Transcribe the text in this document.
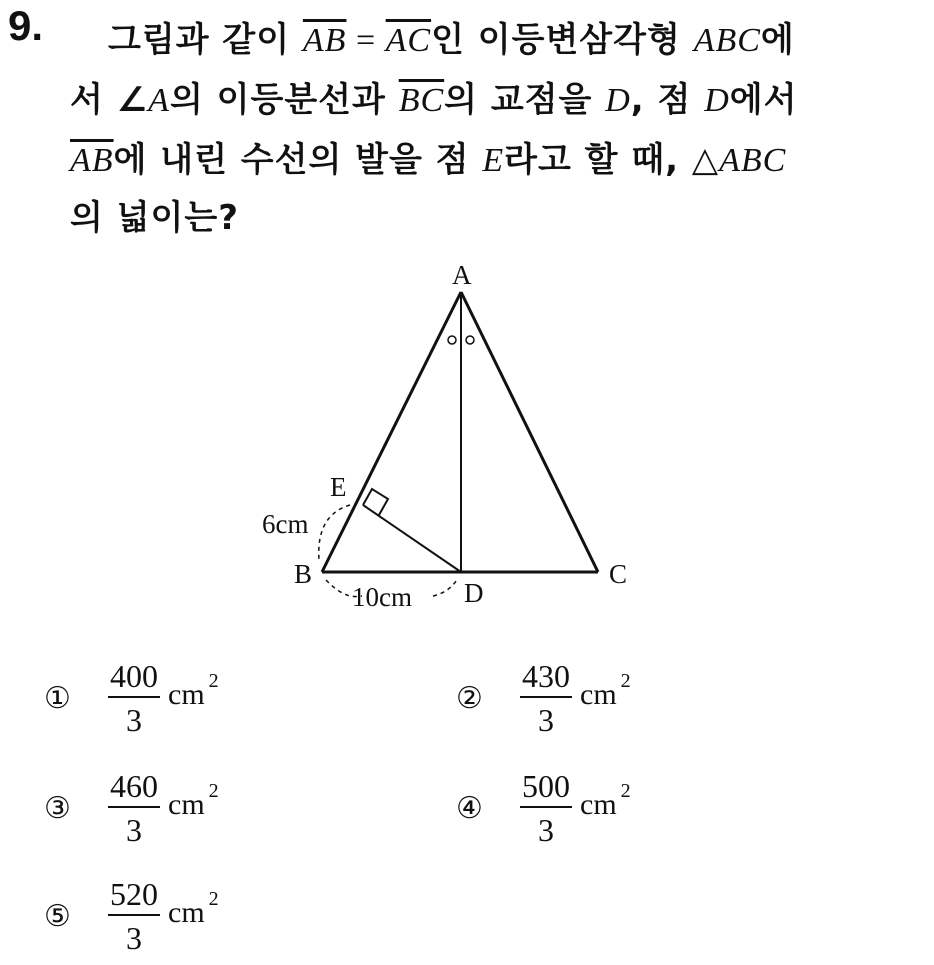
9. 그림과 같이 $\overline{AB} = \overline{AC}$인 이등변삼각형 ABC에
서 ∠A의 이등분선과 $\overline{BC}$의 교점을 D, 점 D에서
$\overline{AB}$에 내린 수선의 발을 점 E라고 할 때, △ABC
의 넓이는?
A
B	C
D
E
6cm
10cm
①	$\frac{400}{3}$ cm $^2$	②	$\frac{430}{3}$ cm $^2$
③	$\frac{460}{3}$ cm $^2$	④	$\frac{500}{3}$ cm $^2$
⑤	$\frac{520}{3}$ cm $^2$
